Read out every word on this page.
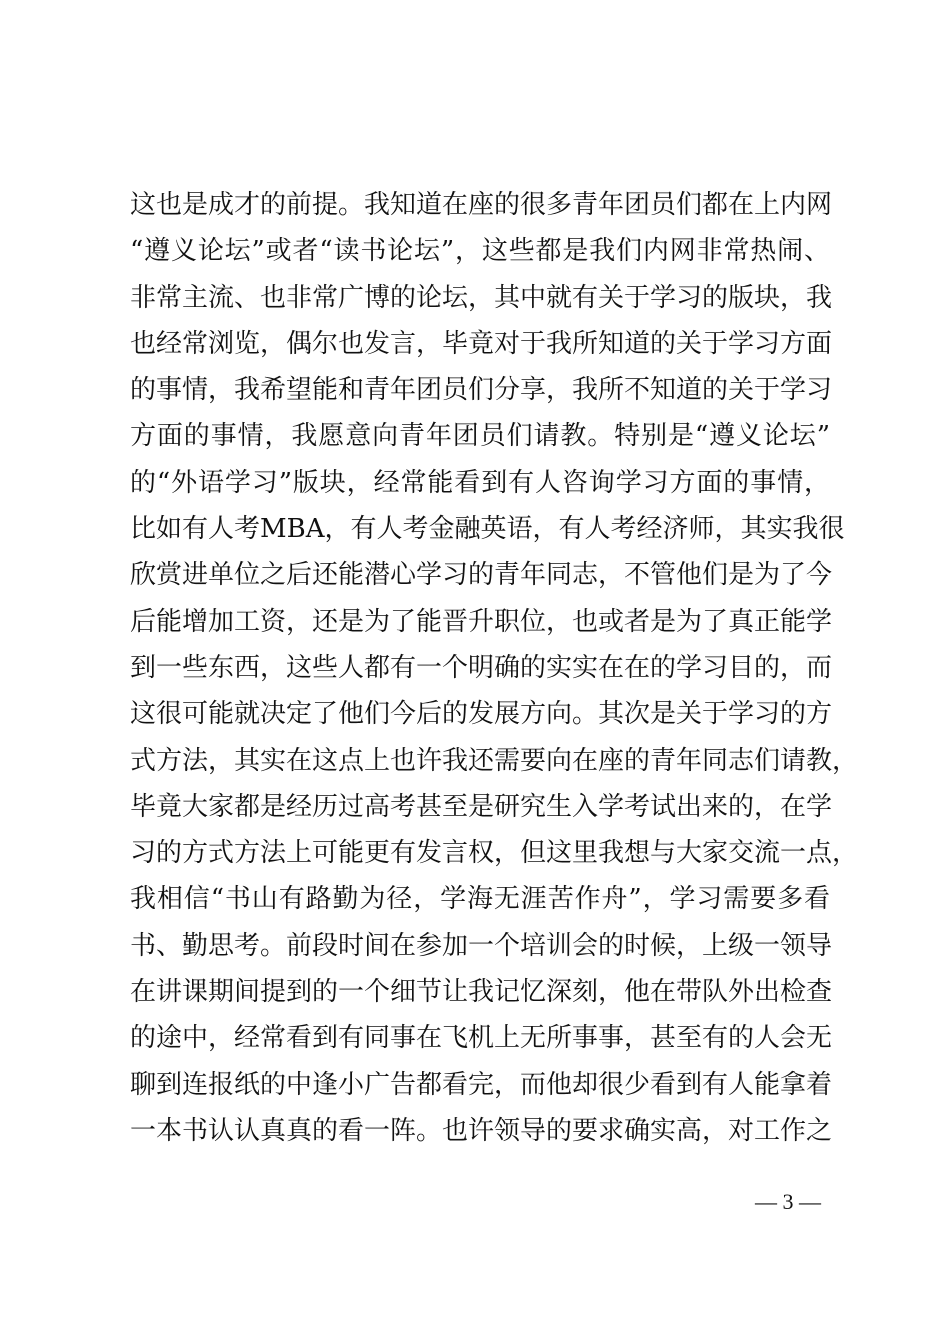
这也是成才的前提。我知道在座的很多青年团员们都在上内网
“遵义论坛”或者“读书论坛”，这些都是我们内网非常热闹、
非常主流、也非常广博的论坛，其中就有关于学习的版块，我
也经常浏览，偶尔也发言，毕竟对于我所知道的关于学习方面
的事情，我希望能和青年团员们分享，我所不知道的关于学习
方面的事情，我愿意向青年团员们请教。特别是“遵义论坛”
的“外语学习”版块，经常能看到有人咨询学习方面的事情，
比如有人考MBA，有人考金融英语，有人考经济师，其实我很
欣赏进单位之后还能潜心学习的青年同志，不管他们是为了今
后能增加工资，还是为了能晋升职位，也或者是为了真正能学
到一些东西，这些人都有一个明确的实实在在的学习目的，而
这很可能就决定了他们今后的发展方向。其次是关于学习的方
式方法，其实在这点上也许我还需要向在座的青年同志们请教，
毕竟大家都是经历过高考甚至是研究生入学考试出来的，在学
习的方式方法上可能更有发言权，但这里我想与大家交流一点，
我相信“书山有路勤为径，学海无涯苦作舟”，学习需要多看
书、勤思考。前段时间在参加一个培训会的时候，上级一领导
在讲课期间提到的一个细节让我记忆深刻，他在带队外出检查
的途中，经常看到有同事在飞机上无所事事，甚至有的人会无
聊到连报纸的中逢小广告都看完，而他却很少看到有人能拿着
一本书认认真真的看一阵。也许领导的要求确实高，对工作之
— 3 —
